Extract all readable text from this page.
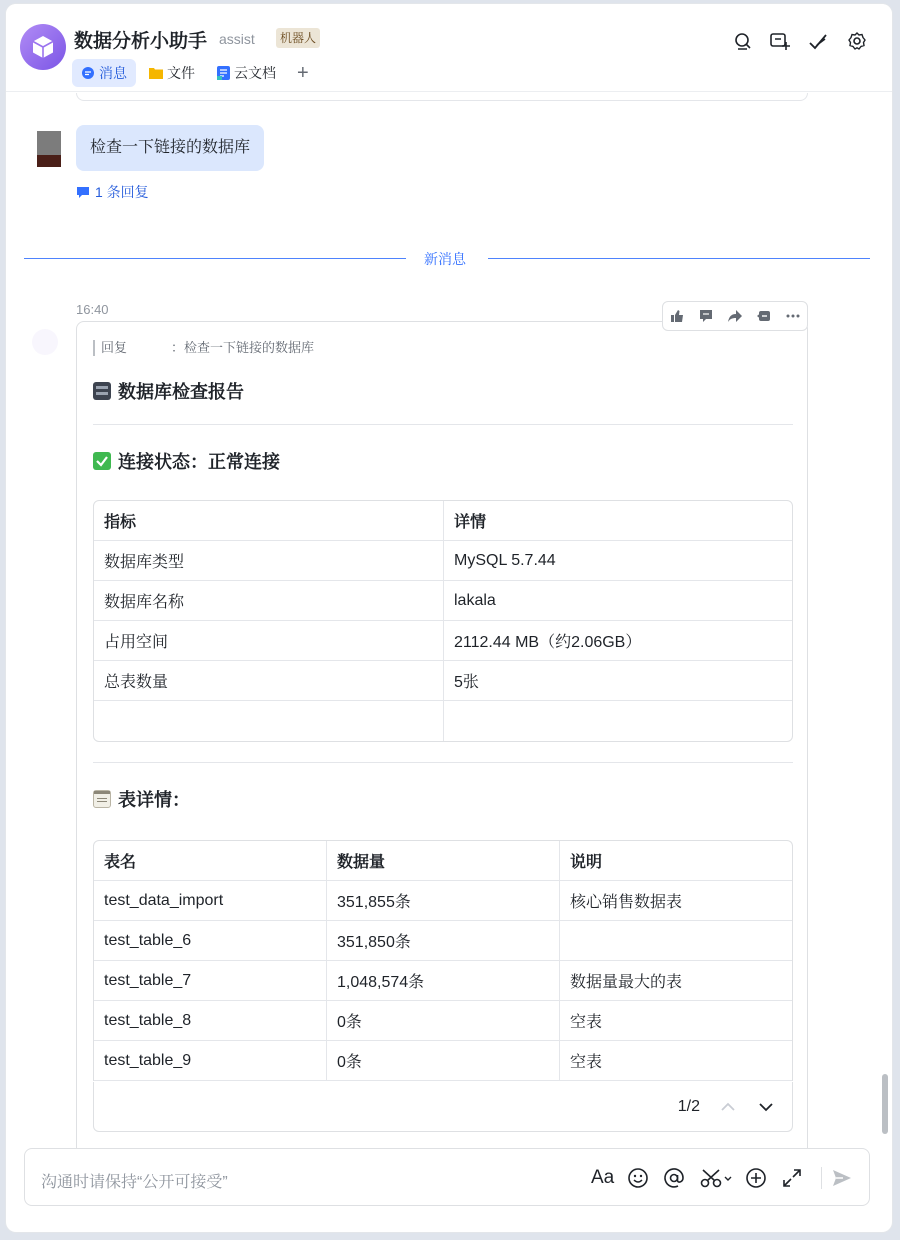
数据分析小助手 assist	机器人
消息	文件	云文档	+
检查一下链接的数据库
1 条回复
新消息
16:40
回复	：检查一下链接的数据库
数据库检查报告
连接状态：正常连接
指标	详情
数据库类型	MySQL 5.7.44
数据库名称	lakala
占用空间	2112.44 MB（约2.06GB）
总表数量	5张

表详情：
表名	数据量	说明
test_data_import	351,855条	核心销售数据表
test_table_6	351,850条	
test_table_7	1,048,574条	数据量最大的表
test_table_8	0条	空表
test_table_9	0条	空表
1/2
沟通时请保持“公开可接受”	Aa
